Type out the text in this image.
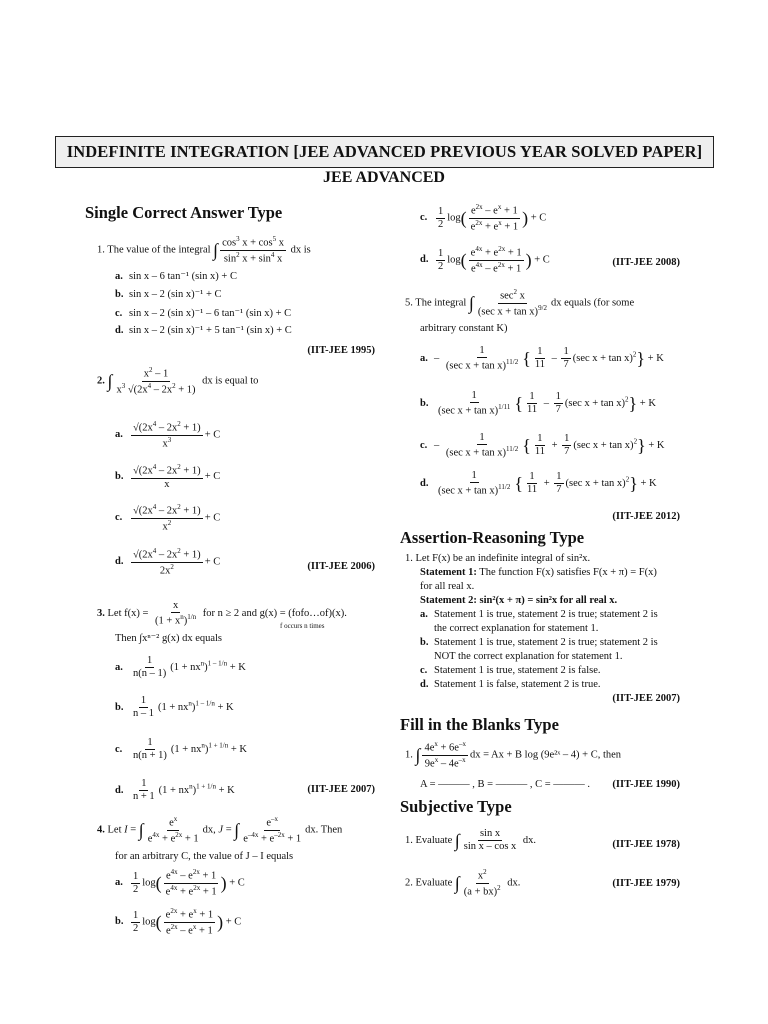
INDEFINITE INTEGRATION [JEE ADVANCED PREVIOUS YEAR SOLVED PAPER]
JEE ADVANCED
Single Correct Answer Type
1. The value of the integral ∫ $\frac{\cos^3 x + \cos^5 x}{\sin^2 x + \sin^4 x}$ dx is
a. sin x – 6 tan⁻¹ (sin x) + C
b. sin x – 2 (sin x)⁻¹ + C
c. sin x – 2 (sin x)⁻¹ – 6 tan⁻¹ (sin x) + C
d. sin x – 2 (sin x)⁻¹ + 5 tan⁻¹ (sin x) + C
(IIT-JEE 1995)
2. ∫ $\frac{x^2 - 1}{x^3 √(2x^4 - 2x^2 + 1)}$ dx is equal to
a. $\frac{√(2x^4 - 2x^2 + 1)}{x^3} + C$
b. $\frac{√(2x^4 - 2x^2 + 1)}{x} + C$
c. $\frac{√(2x^4 - 2x^2 + 1)}{x^2} + C$
d. $\frac{√(2x^4 - 2x^2 + 1)}{2x^2} + C$	(IIT-JEE 2006)
3. Let $f(x) = \frac{x}{(1 + x^n)^{1/n}}$ for n ≥ 2 and g(x) = (fofo…of)(x).
f occurs n times
Then ∫xⁿ⁻² g(x) dx equals
a. $\frac{1}{n(n - 1)} (1 + nx^n)^{1 - 1/n} + K$
b. $\frac{1}{n - 1} (1 + nx^n)^{1 - 1/n} + K$
c. $\frac{1}{n(n + 1)} (1 + nx^n)^{1 + 1/n} + K$
d. $\frac{1}{n + 1} (1 + nx^n)^{1 + 1/n} + K$	(IIT-JEE 2007)
4. Let I = ∫ $\frac{e^x}{e^{4x} + e^{2x} + 1}$ dx, J = ∫ $\frac{e^{-x}}{e^{-4x} + e^{-2x} + 1}$ dx. Then
for an arbitrary C, the value of J – I equals
a. $\frac{1}{2} \log( \frac{e^{4x} - e^{2x} + 1}{e^{4x} + e^{2x} + 1}$ ) + C
b. $\frac{1}{2} \log( \frac{e^{2x} + e^x + 1}{e^{2x} - e^x + 1}$ ) + C
c. $\frac{1}{2} \log( \frac{e^{2x} - e^x + 1}{e^{2x} + e^x + 1}$ ) + C
d. $\frac{1}{2} \log( \frac{e^{4x} + e^{2x} + 1}{e^{4x} - e^{2x} + 1}$ ) + C	(IIT-JEE 2008)
5. The integral ∫ $\frac{\sec^2 x}{(\sec x + \tan x)^{9/2}}$ dx equals (for some
arbitrary constant K)
a. – $\frac{1}{(\sec x + \tan x)^{11/2}}$ { $\frac{1}{11} - \frac{1}{7} (\sec$ x + tan x)$^2$} + K
b. $\frac{1}{(\sec x + \tan x)^{1/11}}$ { $\frac{1}{11} - \frac{1}{7} (\sec$ x + tan x)$^2$} + K
c. – $\frac{1}{(\sec x + \tan x)^{11/2}}$ { $\frac{1}{11} + \frac{1}{7} (\sec$ x + tan x)$^2$} + K
d. $\frac{1}{(\sec x + \tan x)^{11/2}}$ { $\frac{1}{11} + \frac{1}{7} (\sec$ x + tan x)$^2$} + K
(IIT-JEE 2012)
Assertion-Reasoning Type
1. Let F(x) be an indefinite integral of sin²x.
Statement 1: The function F(x) satisfies F(x + π) = F(x)
for all real x.
Statement 2: sin²(x + π) = sin²x for all real x.
a. Statement 1 is true, statement 2 is true; statement 2 is
the correct explanation for statement 1.
b. Statement 1 is true, statement 2 is true; statement 2 is
NOT the correct explanation for statement 1.
c. Statement 1 is true, statement 2 is false.
d. Statement 1 is false, statement 2 is true.
(IIT-JEE 2007)
Fill in the Blanks Type
1. ∫ $\frac{4e^x + 6e^{-x}}{9e^x - 4e^{-x}}$ dx = Ax + B log (9e²ˣ – 4) + C, then
A = ——— , B = ——— , C = ——— . (IIT-JEE 1990)
Subjective Type
1. Evaluate ∫ $\frac{\text{sin x}}{\text{sin x – cos x}}$ dx.	(IIT-JEE 1978)
2. Evaluate ∫ $\frac{x^2}{(a + bx)^2}$ dx.	(IIT-JEE 1979)
